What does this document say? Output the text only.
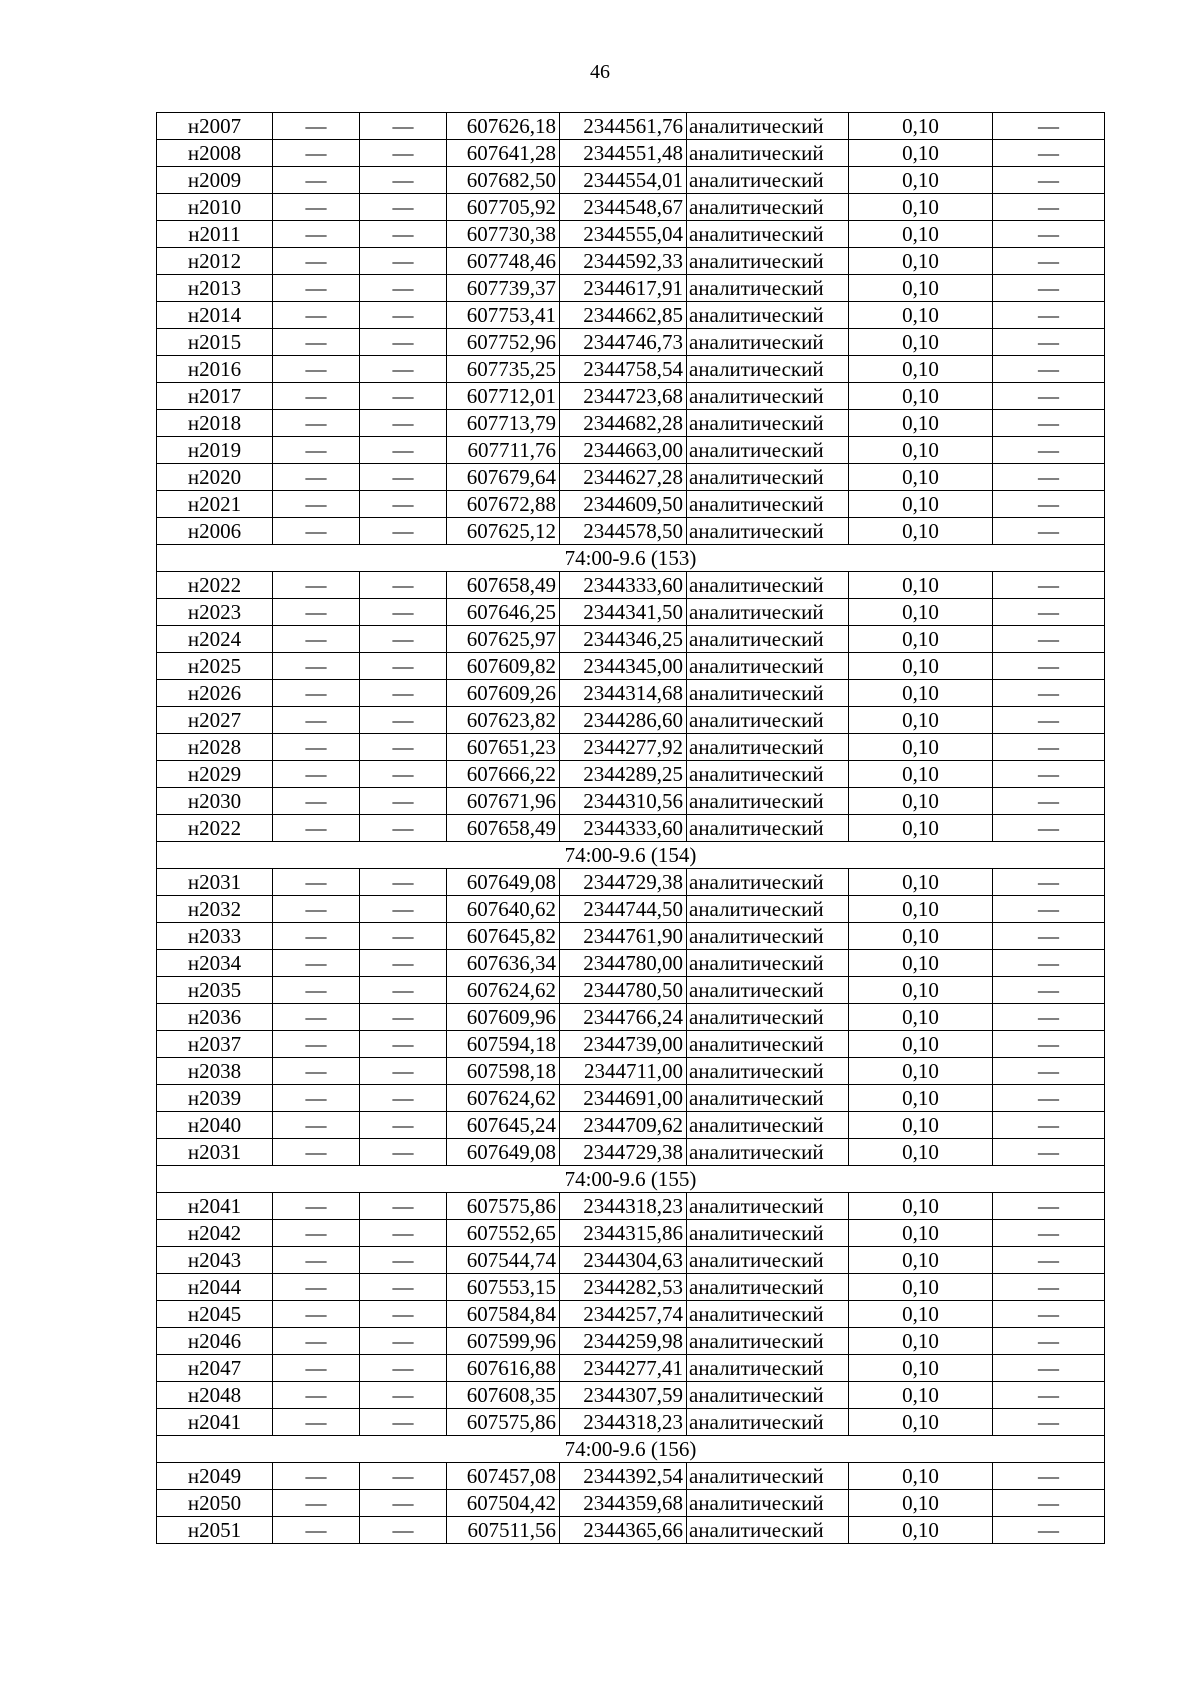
46
н2007	—	—	607626,18	2344561,76	аналитический	0,10	—
н2008	—	—	607641,28	2344551,48	аналитический	0,10	—
н2009	—	—	607682,50	2344554,01	аналитический	0,10	—
н2010	—	—	607705,92	2344548,67	аналитический	0,10	—
н2011	—	—	607730,38	2344555,04	аналитический	0,10	—
н2012	—	—	607748,46	2344592,33	аналитический	0,10	—
н2013	—	—	607739,37	2344617,91	аналитический	0,10	—
н2014	—	—	607753,41	2344662,85	аналитический	0,10	—
н2015	—	—	607752,96	2344746,73	аналитический	0,10	—
н2016	—	—	607735,25	2344758,54	аналитический	0,10	—
н2017	—	—	607712,01	2344723,68	аналитический	0,10	—
н2018	—	—	607713,79	2344682,28	аналитический	0,10	—
н2019	—	—	607711,76	2344663,00	аналитический	0,10	—
н2020	—	—	607679,64	2344627,28	аналитический	0,10	—
н2021	—	—	607672,88	2344609,50	аналитический	0,10	—
н2006	—	—	607625,12	2344578,50	аналитический	0,10	—
74:00-9.6 (153)							
н2022	—	—	607658,49	2344333,60	аналитический	0,10	—
н2023	—	—	607646,25	2344341,50	аналитический	0,10	—
н2024	—	—	607625,97	2344346,25	аналитический	0,10	—
н2025	—	—	607609,82	2344345,00	аналитический	0,10	—
н2026	—	—	607609,26	2344314,68	аналитический	0,10	—
н2027	—	—	607623,82	2344286,60	аналитический	0,10	—
н2028	—	—	607651,23	2344277,92	аналитический	0,10	—
н2029	—	—	607666,22	2344289,25	аналитический	0,10	—
н2030	—	—	607671,96	2344310,56	аналитический	0,10	—
н2022	—	—	607658,49	2344333,60	аналитический	0,10	—
74:00-9.6 (154)							
н2031	—	—	607649,08	2344729,38	аналитический	0,10	—
н2032	—	—	607640,62	2344744,50	аналитический	0,10	—
н2033	—	—	607645,82	2344761,90	аналитический	0,10	—
н2034	—	—	607636,34	2344780,00	аналитический	0,10	—
н2035	—	—	607624,62	2344780,50	аналитический	0,10	—
н2036	—	—	607609,96	2344766,24	аналитический	0,10	—
н2037	—	—	607594,18	2344739,00	аналитический	0,10	—
н2038	—	—	607598,18	2344711,00	аналитический	0,10	—
н2039	—	—	607624,62	2344691,00	аналитический	0,10	—
н2040	—	—	607645,24	2344709,62	аналитический	0,10	—
н2031	—	—	607649,08	2344729,38	аналитический	0,10	—
74:00-9.6 (155)							
н2041	—	—	607575,86	2344318,23	аналитический	0,10	—
н2042	—	—	607552,65	2344315,86	аналитический	0,10	—
н2043	—	—	607544,74	2344304,63	аналитический	0,10	—
н2044	—	—	607553,15	2344282,53	аналитический	0,10	—
н2045	—	—	607584,84	2344257,74	аналитический	0,10	—
н2046	—	—	607599,96	2344259,98	аналитический	0,10	—
н2047	—	—	607616,88	2344277,41	аналитический	0,10	—
н2048	—	—	607608,35	2344307,59	аналитический	0,10	—
н2041	—	—	607575,86	2344318,23	аналитический	0,10	—
74:00-9.6 (156)							
н2049	—	—	607457,08	2344392,54	аналитический	0,10	—
н2050	—	—	607504,42	2344359,68	аналитический	0,10	—
н2051	—	—	607511,56	2344365,66	аналитический	0,10	—
